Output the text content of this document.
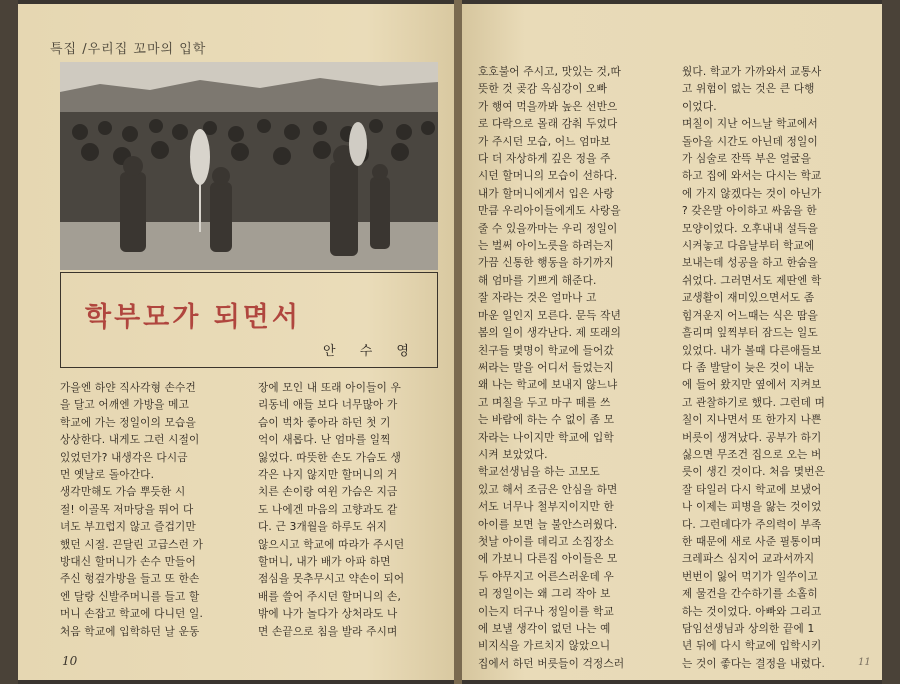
특집 /우리집 꼬마의 입학
학부모가 되면서
안 수 영
가을엔 하얀 직사각형 손수건
을 달고 어깨엔 가방을 메고
학교에 가는 정일이의 모습을
상상한다. 내게도 그런 시절이
있었던가? 내생각은 다시금
먼 옛날로 돌아간다.
생각만해도 가슴 뿌듯한 시
절! 이골목 저마당을 뛰어 다
녀도 부끄럽지 않고 즐겁기만
했던 시절. 끈달린 고급스런 가
방대신 할머니가 손수 만들어
주신 헝겊가방을 들고 또 한손
엔 달랑 신발주머니를 들고 할
머니 손잡고 학교에 다니던 일.
처음 학교에 입학하던 날 운동
장에 모인 내 또래 아이들이 우
리동네 애들 보다 너무많아 가
슴이 벅차 좋아라 하던 첫 기
억이 새롭다. 난 엄마를 일찍
잃었다. 따뜻한 손도 가슴도 생
각은 나지 않지만 할머니의 거
치른 손이랑 여윈 가슴은 지금
도 나에겐 마음의 고향과도 같
다. 근 3개월을 하루도 쉬지
않으시고 학교에 따라가 주시던
할머니, 내가 배가 아파 하면
점심을 못추무시고 약손이 되어
배를 쓸어 주시던 할머니의 손,
밖에 나가 놀다가 상처라도 나
면 손끝으로 침을 발라 주시며
호호불어 주시고, 맛있는 것,따
뜻한 것 곶감 옥심강이 오빠
가 행여 먹을까봐 높은 선반으
로 다락으로 몰래 감춰 두었다
가 주시던 모습, 어느 엄마보
다 더 자상하게 깊은 정을 주
시던 할머니의 모습이 선하다.
내가 할머니에게서 입은 사랑
만큼 우리아이들에게도 사랑을
줄 수 있을까마는 우리 정일이
는 벌써 아이노릇을 하려는지
가끔 신통한 행동을 하기까지
해 엄마를 기쁘게 해준다.
잘 자라는 것은 얼마나 고
마운 일인지 모른다. 문득 작년
봄의 일이 생각난다. 제 또래의
친구들 몇명이 학교에 들어갔
써라는 말을 어디서 들었는지
왜 나는 학교에 보내지 않느냐
고 며칠을 두고 마구 떼를 쓰
는 바람에 하는 수 없이 좀 모
자라는 나이지만 학교에 입학
시켜 보았었다.
학교선생님을 하는 고모도
있고 해서 조금은 안심을 하면
서도 너무나 철부지이지만 한
아이를 보면 늘 불안스러웠다.
첫날 아이를 데리고 소집장소
에 가보니 다른집 아이들은 모
두 야무지고 어른스러운데 우
리 정일이는 왜 그리 작아 보
이는지 더구나 정일이를 학교
에 보낼 생각이 없던 나는 예
비지식을 가르치지 않았으니
집에서 하던 버릇들이 걱정스러
웠다. 학교가 가까와서 교통사
고 위험이 없는 것은 큰 다행
이었다.
며칠이 지난 어느날 학교에서
돌아올 시간도 아닌데 정일이
가 심술로 잔뜩 부은 얼굴을
하고 집에 와서는 다시는 학교
에 가지 않겠다는 것이 아닌가
? 갖은말 아이하고 싸움을 한
모양이었다. 오후내내 설득을
시켜놓고 다음날부터 학교에
보내는데 성공을 하고 한숨을
쉬었다. 그러면서도 제딴엔 학
교생활이 재미있으면서도 좀
힘겨운지 어느때는 식은 땀을
흘리며 잎찍부터 잠드는 일도
있었다. 내가 볼때 다른애들보
다 좀 발달이 늦은 것이 내눈
에 들어 왔지만 옆에서 지켜보
고 관찰하기로 했다. 그런데 며
칠이 지나면서 또 한가지 나쁜
버릇이 생겨났다. 공부가 하기
싫으면 무조건 집으로 오는 버
릇이 생긴 것이다. 처음 몇번은
잘 타일러 다시 학교에 보냈어
나 이제는 피병을 앓는 것이었
다. 그런데다가 주의력이 부족
한 때문에 새로 사준 필통이며
크레파스 심지어 교과서까지
번번이 잃어 먹기가 일쑤이고
제 물건을 간수하기를 소홀히
하는 것이었다. 아빠와 그리고
담임선생님과 상의한 끝에 1
년 뒤에 다시 학교에 입학시키
는 것이 좋다는 결정을 내렸다.
10	11
